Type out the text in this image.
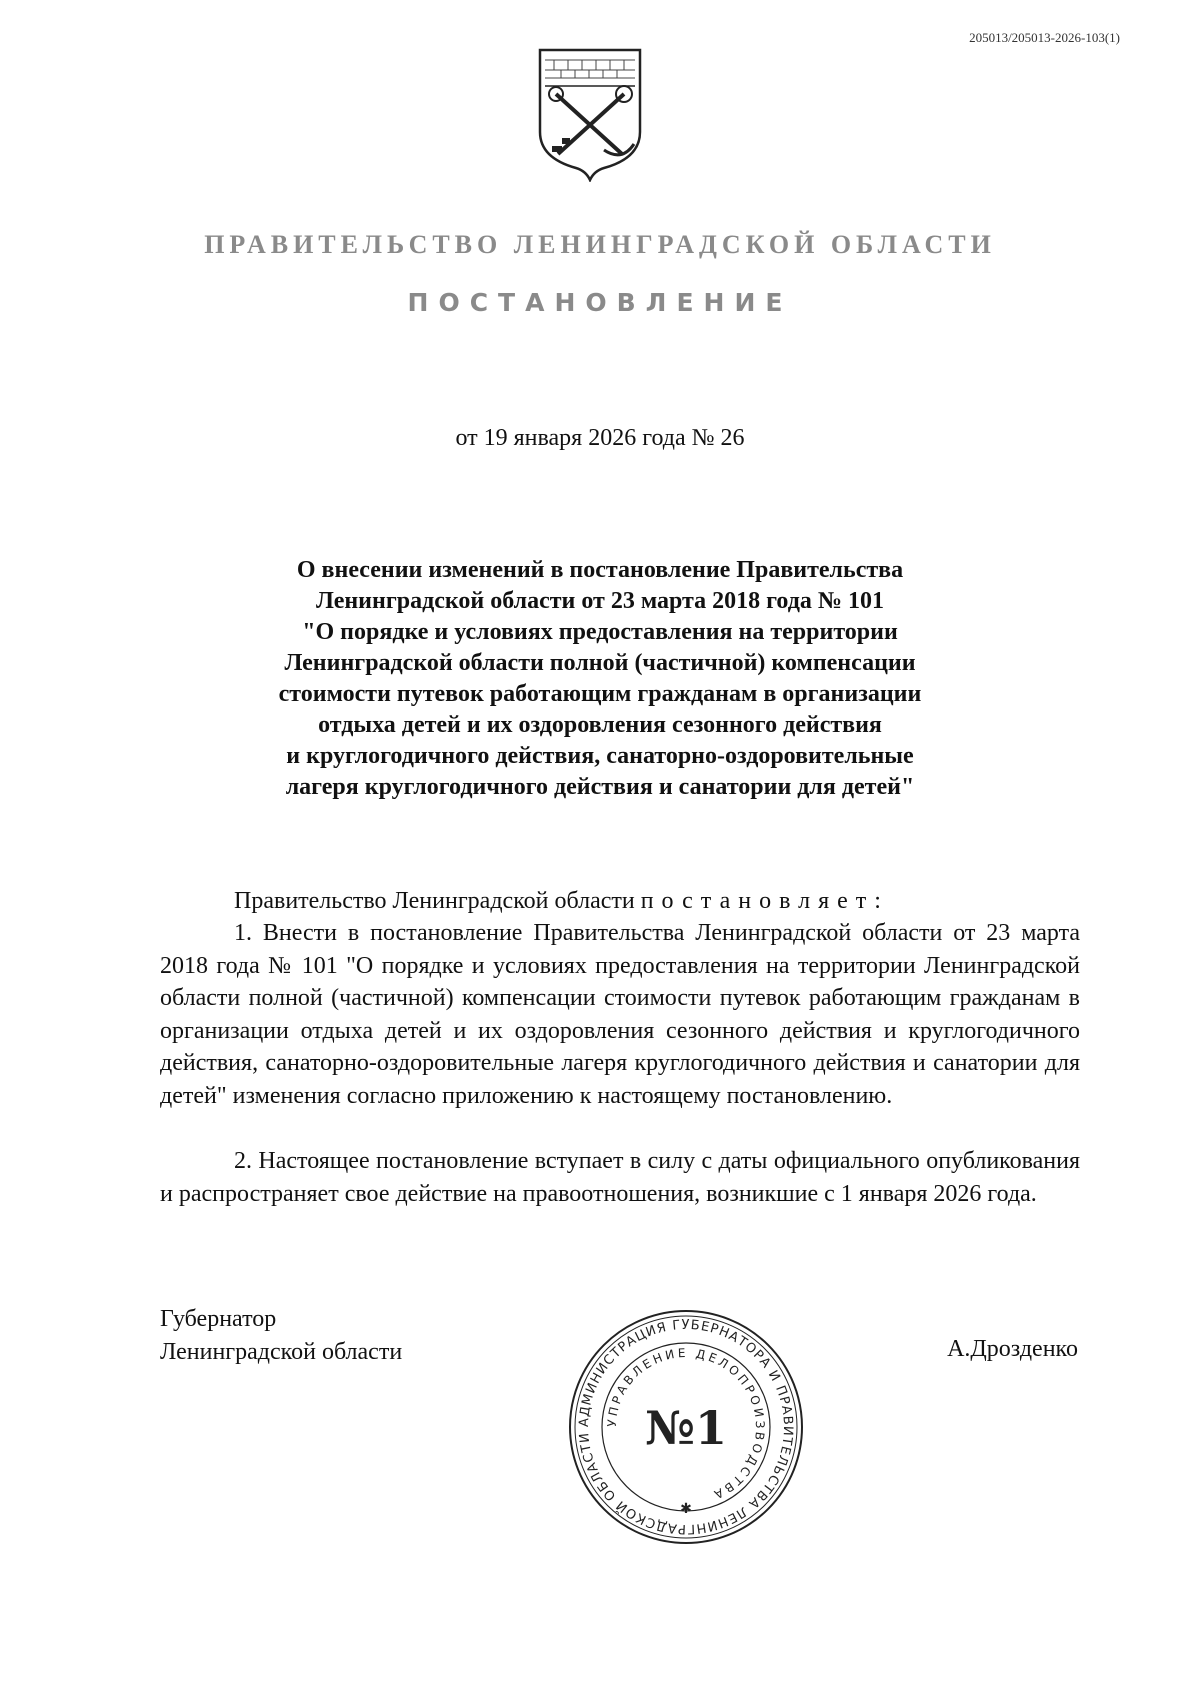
205013/205013-2026-103(1)
ПРАВИТЕЛЬСТВО ЛЕНИНГРАДСКОЙ ОБЛАСТИ
ПОСТАНОВЛЕНИЕ
от 19 января 2026 года № 26
О внесении изменений в постановление Правительства
Ленинградской области от 23 марта 2018 года № 101
"О порядке и условиях предоставления на территории
Ленинградской области полной (частичной) компенсации
стоимости путевок работающим гражданам в организации
отдыха детей и их оздоровления сезонного действия
и круглогодичного действия, санаторно-оздоровительные
лагеря круглогодичного действия и санатории для детей"

Правительство Ленинградской области постановляет:

1. Внести в постановление Правительства Ленинградской области от 23 марта 2018 года № 101 "О порядке и условиях предоставления на территории Ленинградской области полной (частичной) компенсации стоимости путевок работающим гражданам в организации отдыха детей и их оздоровления сезонного действия и круглогодичного действия, санаторно-оздоровительные лагеря круглогодичного действия и санатории для детей" изменения согласно приложению к настоящему постановлению.

2. Настоящее постановление вступает в силу с даты официального опубликования и распространяет свое действие на правоотношения, возникшие с 1 января 2026 года.

Губернатор
Ленинградской области
АДМИНИСТРАЦИЯ ГУБЕРНАТОРА И ПРАВИТЕЛЬСТВА ЛЕНИНГРАДСКОЙ ОБЛАСТИ
УПРАВЛЕНИЕ ДЕЛОПРОИЗВОДСТВА
№1
✱
А.Дрозденко
